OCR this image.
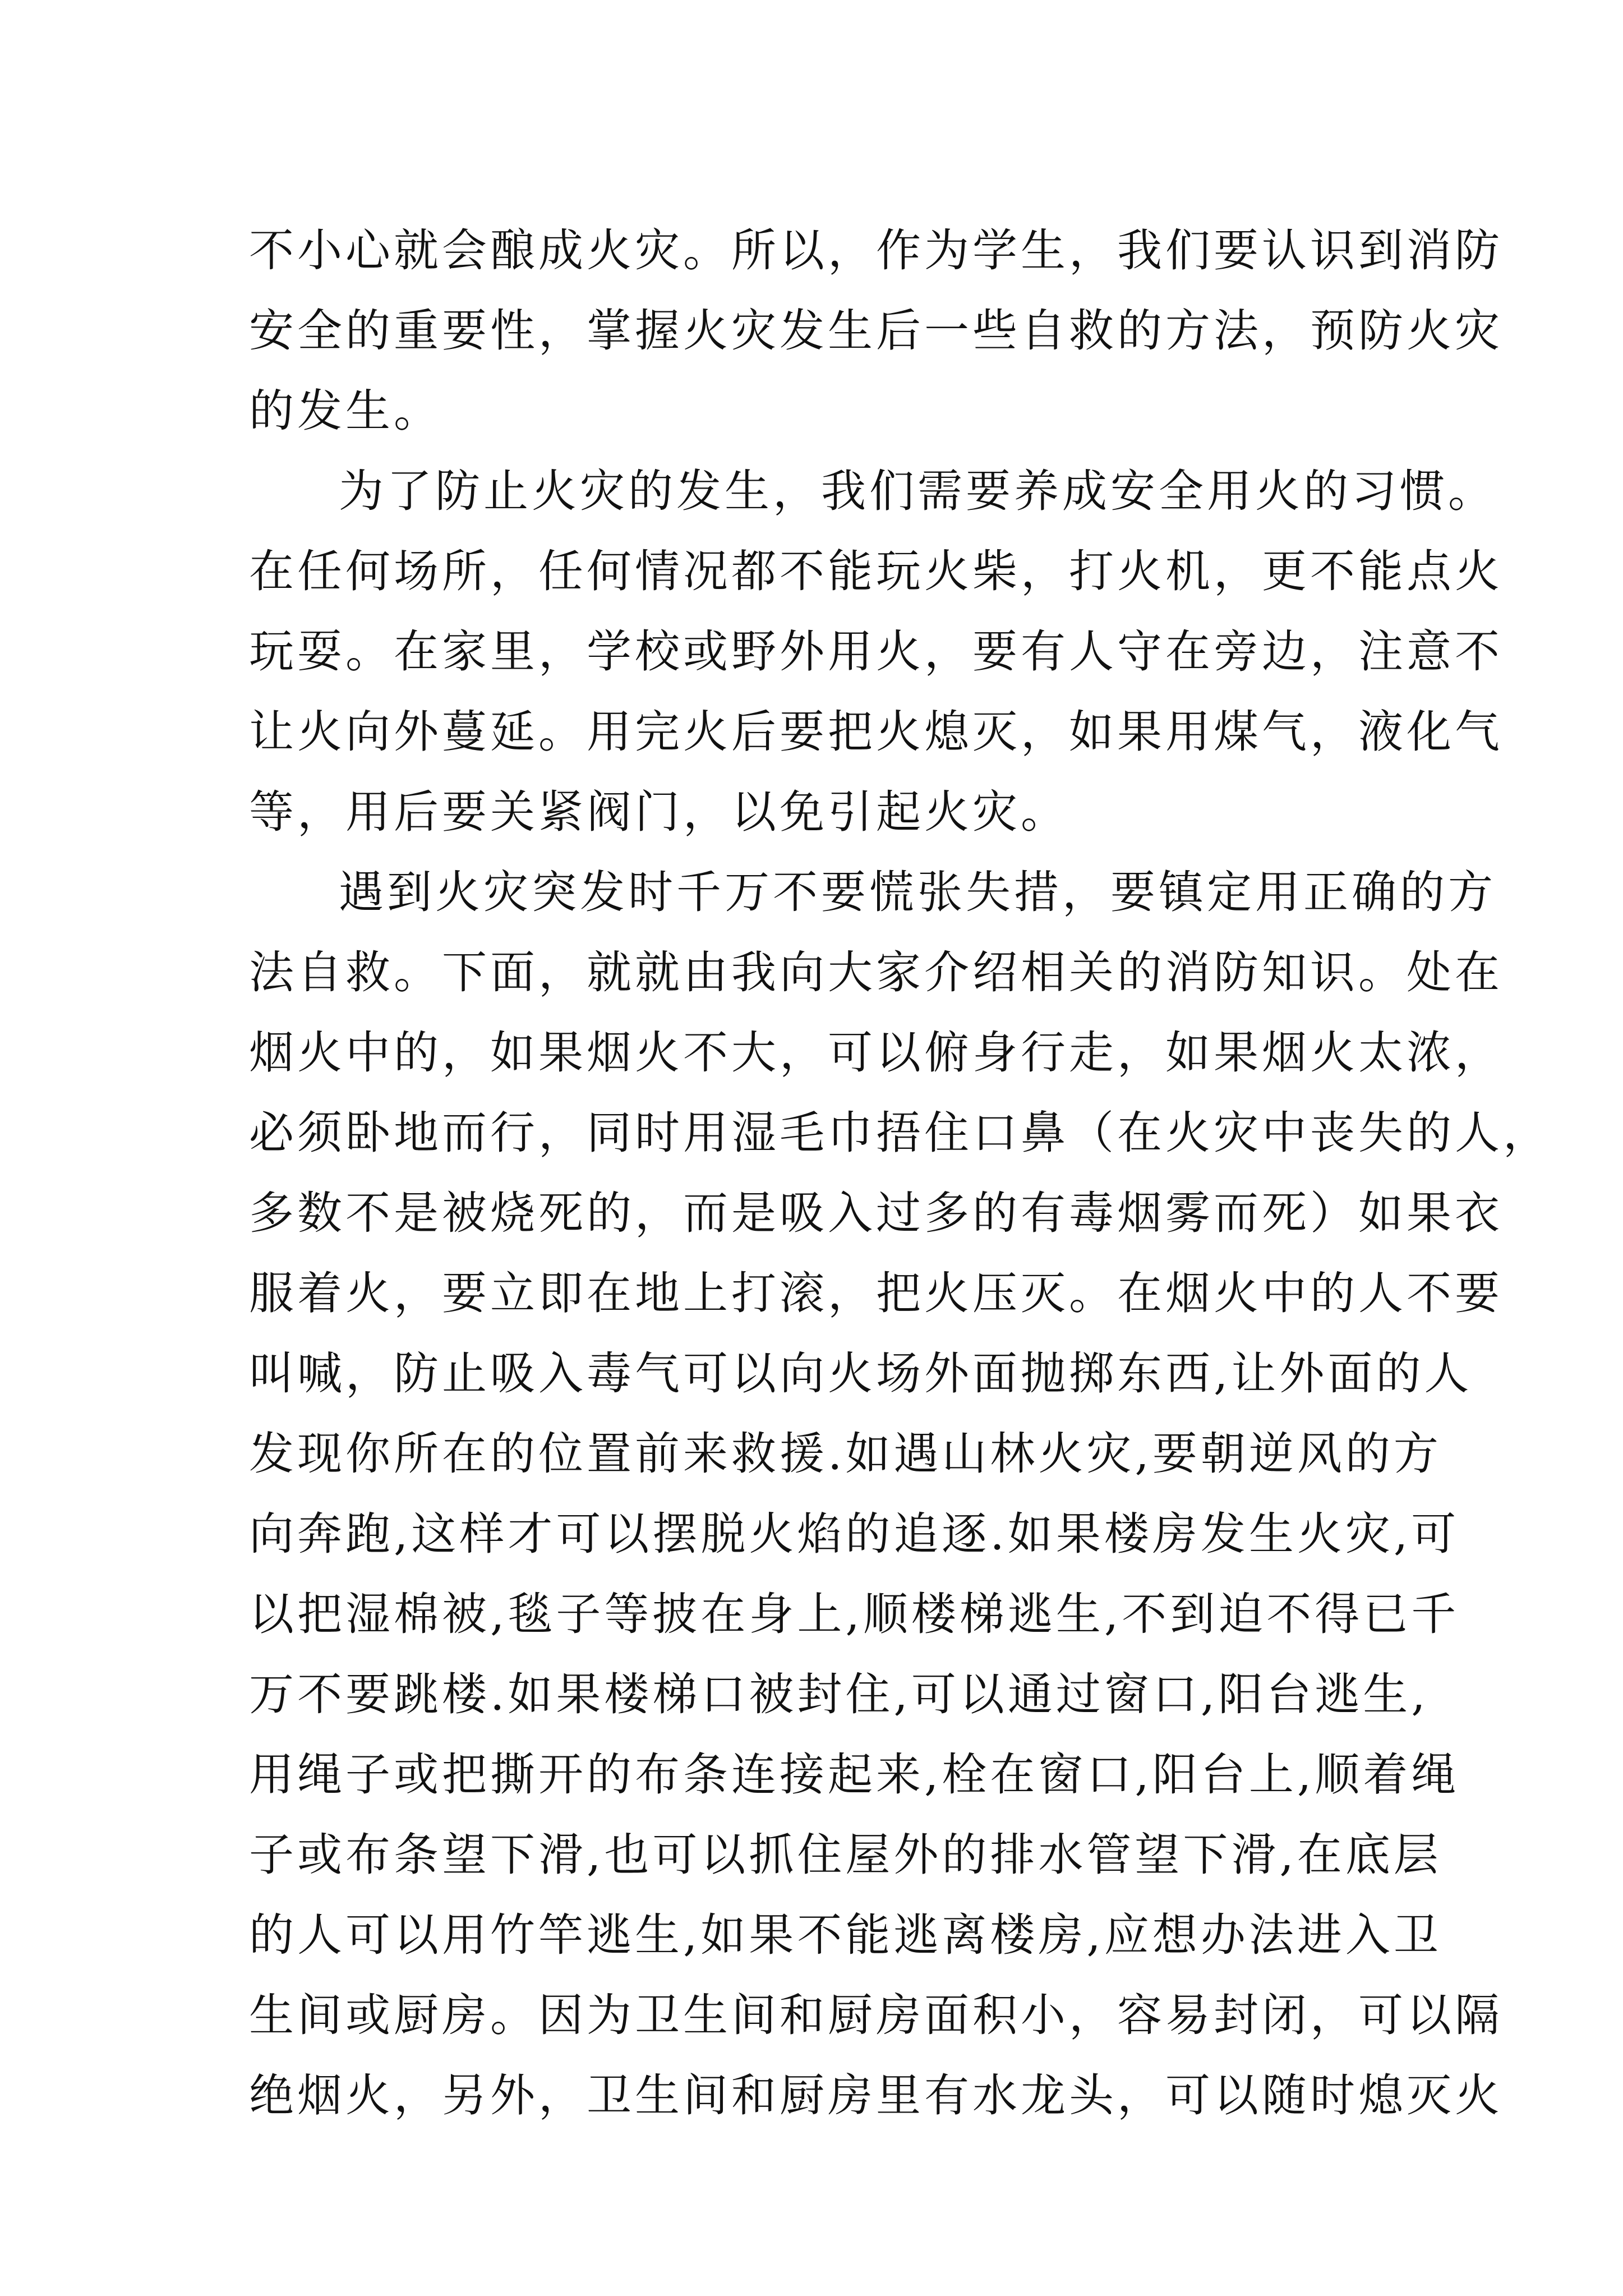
不小心就会酿成火灾。所以，作为学生，我们要认识到消防
安全的重要性，掌握火灾发生后一些自救的方法，预防火灾
的发生。
为了防止火灾的发生，我们需要养成安全用火的习惯。
在任何场所，任何情况都不能玩火柴，打火机，更不能点火
玩耍。在家里，学校或野外用火，要有人守在旁边，注意不
让火向外蔓延。用完火后要把火熄灭，如果用煤气，液化气
等，用后要关紧阀门，以免引起火灾。
遇到火灾突发时千万不要慌张失措，要镇定用正确的方
法自救。下面，就就由我向大家介绍相关的消防知识。处在
烟火中的，如果烟火不大，可以俯身行走，如果烟火太浓，
必须卧地而行，同时用湿毛巾捂住口鼻（在火灾中丧失的人，
多数不是被烧死的，而是吸入过多的有毒烟雾而死）如果衣
服着火，要立即在地上打滚，把火压灭。在烟火中的人不要
叫喊，防止吸入毒气可以向火场外面抛掷东西,让外面的人
发现你所在的位置前来救援.如遇山林火灾,要朝逆风的方
向奔跑,这样才可以摆脱火焰的追逐.如果楼房发生火灾,可
以把湿棉被,毯子等披在身上,顺楼梯逃生,不到迫不得已千
万不要跳楼.如果楼梯口被封住,可以通过窗口,阳台逃生,
用绳子或把撕开的布条连接起来,栓在窗口,阳台上,顺着绳
子或布条望下滑,也可以抓住屋外的排水管望下滑,在底层
的人可以用竹竿逃生,如果不能逃离楼房,应想办法进入卫
生间或厨房。因为卫生间和厨房面积小，容易封闭，可以隔
绝烟火，另外，卫生间和厨房里有水龙头，可以随时熄灭火
